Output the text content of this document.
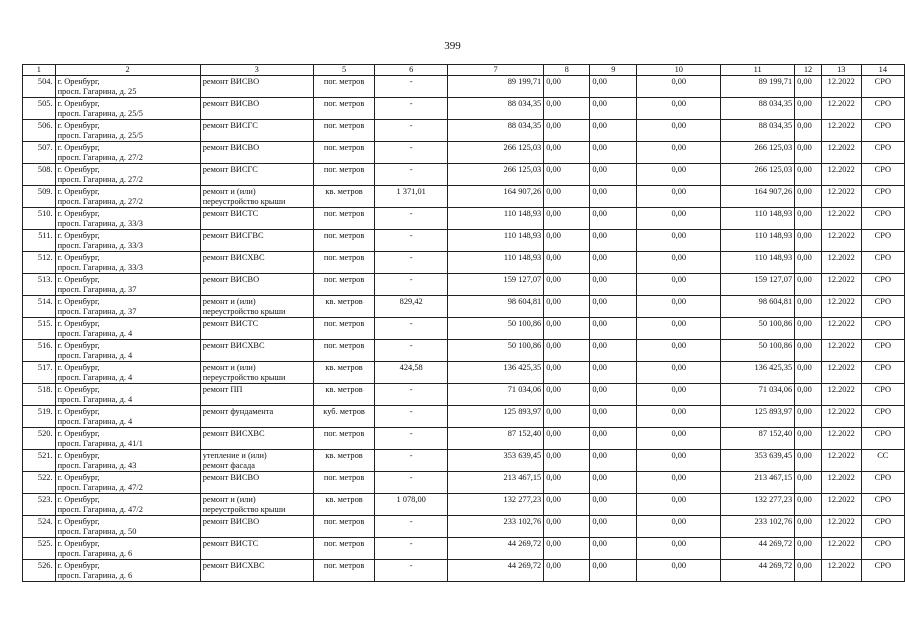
399
1	2	3	5	6	7	8	9	10	11	12	13	14
504.	г. Оренбург,
просп. Гагарина, д. 25	ремонт ВИСВО	пог. метров	-	89 199,71	0,00	0,00	0,00	89 199,71	0,00	12.2022	СРО
505.	г. Оренбург,
просп. Гагарина, д. 25/5	ремонт ВИСВО	пог. метров	-	88 034,35	0,00	0,00	0,00	88 034,35	0,00	12.2022	СРО
506.	г. Оренбург,
просп. Гагарина, д. 25/5	ремонт ВИСГС	пог. метров	-	88 034,35	0,00	0,00	0,00	88 034,35	0,00	12.2022	СРО
507.	г. Оренбург,
просп. Гагарина, д. 27/2	ремонт ВИСВО	пог. метров	-	266 125,03	0,00	0,00	0,00	266 125,03	0,00	12.2022	СРО
508.	г. Оренбург,
просп. Гагарина, д. 27/2	ремонт ВИСГС	пог. метров	-	266 125,03	0,00	0,00	0,00	266 125,03	0,00	12.2022	СРО
509.	г. Оренбург,
просп. Гагарина, д. 27/2	ремонт и (или)
переустройство крыши	кв. метров	1 371,01	164 907,26	0,00	0,00	0,00	164 907,26	0,00	12.2022	СРО
510.	г. Оренбург,
просп. Гагарина, д. 33/3	ремонт ВИСТС	пог. метров	-	110 148,93	0,00	0,00	0,00	110 148,93	0,00	12.2022	СРО
511.	г. Оренбург,
просп. Гагарина, д. 33/3	ремонт ВИСГВС	пог. метров	-	110 148,93	0,00	0,00	0,00	110 148,93	0,00	12.2022	СРО
512.	г. Оренбург,
просп. Гагарина, д. 33/3	ремонт ВИСХВС	пог. метров	-	110 148,93	0,00	0,00	0,00	110 148,93	0,00	12.2022	СРО
513.	г. Оренбург,
просп. Гагарина, д. 37	ремонт ВИСВО	пог. метров	-	159 127,07	0,00	0,00	0,00	159 127,07	0,00	12.2022	СРО
514.	г. Оренбург,
просп. Гагарина, д. 37	ремонт и (или)
переустройство крыши	кв. метров	829,42	98 604,81	0,00	0,00	0,00	98 604,81	0,00	12.2022	СРО
515.	г. Оренбург,
просп. Гагарина, д. 4	ремонт ВИСТС	пог. метров	-	50 100,86	0,00	0,00	0,00	50 100,86	0,00	12.2022	СРО
516.	г. Оренбург,
просп. Гагарина, д. 4	ремонт ВИСХВС	пог. метров	-	50 100,86	0,00	0,00	0,00	50 100,86	0,00	12.2022	СРО
517.	г. Оренбург,
просп. Гагарина, д. 4	ремонт и (или)
переустройство крыши	кв. метров	424,58	136 425,35	0,00	0,00	0,00	136 425,35	0,00	12.2022	СРО
518.	г. Оренбург,
просп. Гагарина, д. 4	ремонт ПП	кв. метров	-	71 034,06	0,00	0,00	0,00	71 034,06	0,00	12.2022	СРО
519.	г. Оренбург,
просп. Гагарина, д. 4	ремонт фундамента	куб. метров	-	125 893,97	0,00	0,00	0,00	125 893,97	0,00	12.2022	СРО
520.	г. Оренбург,
просп. Гагарина, д. 41/1	ремонт ВИСХВС	пог. метров	-	87 152,40	0,00	0,00	0,00	87 152,40	0,00	12.2022	СРО
521.	г. Оренбург,
просп. Гагарина, д. 43	утепление и (или)
ремонт фасада	кв. метров	-	353 639,45	0,00	0,00	0,00	353 639,45	0,00	12.2022	СС
522.	г. Оренбург,
просп. Гагарина, д. 47/2	ремонт ВИСВО	пог. метров	-	213 467,15	0,00	0,00	0,00	213 467,15	0,00	12.2022	СРО
523.	г. Оренбург,
просп. Гагарина, д. 47/2	ремонт и (или)
переустройство крыши	кв. метров	1 078,00	132 277,23	0,00	0,00	0,00	132 277,23	0,00	12.2022	СРО
524.	г. Оренбург,
просп. Гагарина, д. 50	ремонт ВИСВО	пог. метров	-	233 102,76	0,00	0,00	0,00	233 102,76	0,00	12.2022	СРО
525.	г. Оренбург,
просп. Гагарина, д. 6	ремонт ВИСТС	пог. метров	-	44 269,72	0,00	0,00	0,00	44 269,72	0,00	12.2022	СРО
526.	г. Оренбург,
просп. Гагарина, д. 6	ремонт ВИСХВС	пог. метров	-	44 269,72	0,00	0,00	0,00	44 269,72	0,00	12.2022	СРО
